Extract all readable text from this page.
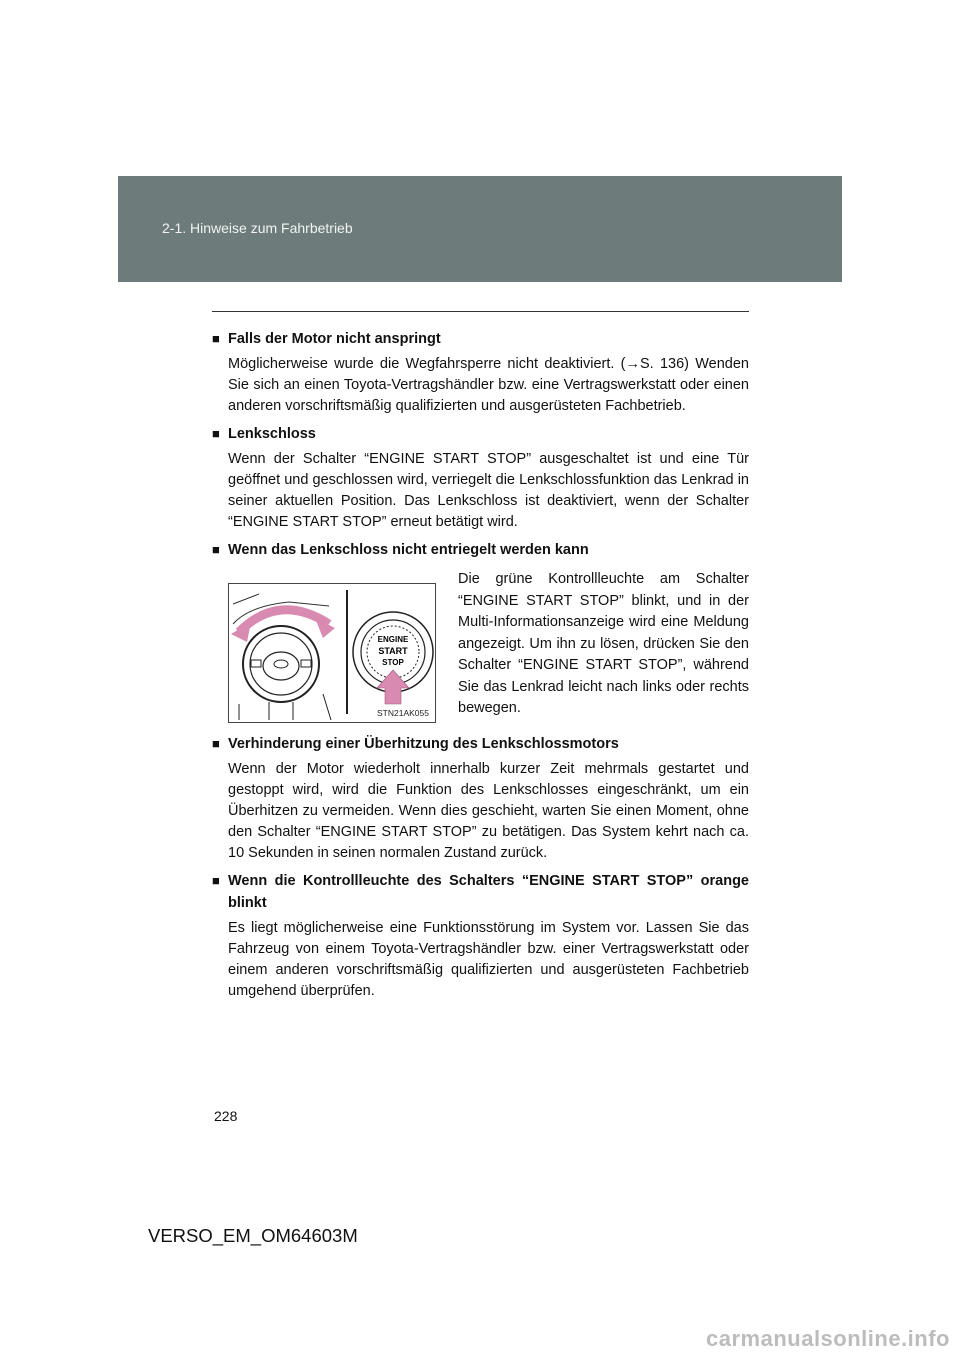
2-1. Hinweise zum Fahrbetrieb
■ Falls der Motor nicht anspringt

Möglicherweise wurde die Wegfahrsperre nicht deaktiviert. (→S. 136) Wenden Sie sich an einen Toyota-Vertragshändler bzw. eine Vertragswerkstatt oder einen anderen vorschriftsmäßig qualifizierten und ausgerüsteten Fachbetrieb.

■ Lenkschloss

Wenn der Schalter “ENGINE START STOP” ausgeschaltet ist und eine Tür geöffnet und geschlossen wird, verriegelt die Lenkschlossfunktion das Lenkrad in seiner aktuellen Position. Das Lenkschloss ist deaktiviert, wenn der Schalter “ENGINE START STOP” erneut betätigt wird.

■ Wenn das Lenkschloss nicht entriegelt werden kann
ENGINE
START
STOP
STN21AK055
Die grüne Kontrollleuchte am Schalter “ENGINE START STOP” blinkt, und in der Multi-Informationsanzeige wird eine Meldung angezeigt. Um ihn zu lösen, drücken Sie den Schalter “ENGINE START STOP”, während Sie das Lenkrad leicht nach links oder rechts bewegen.
■ Verhinderung einer Überhitzung des Lenkschlossmotors

Wenn der Motor wiederholt innerhalb kurzer Zeit mehrmals gestartet und gestoppt wird, wird die Funktion des Lenkschlosses eingeschränkt, um ein Überhitzen zu vermeiden. Wenn dies geschieht, warten Sie einen Moment, ohne den Schalter “ENGINE START STOP” zu betätigen. Das System kehrt nach ca. 10 Sekunden in seinen normalen Zustand zurück.

■ Wenn die Kontrollleuchte des Schalters “ENGINE START STOP” orange blinkt

Es liegt möglicherweise eine Funktionsstörung im System vor. Lassen Sie das Fahrzeug von einem Toyota-Vertragshändler bzw. einer Vertragswerkstatt oder einem anderen vorschriftsmäßig qualifizierten und ausgerüsteten Fachbetrieb umgehend überprüfen.

228
VERSO_EM_OM64603M
carmanualsonline.info
